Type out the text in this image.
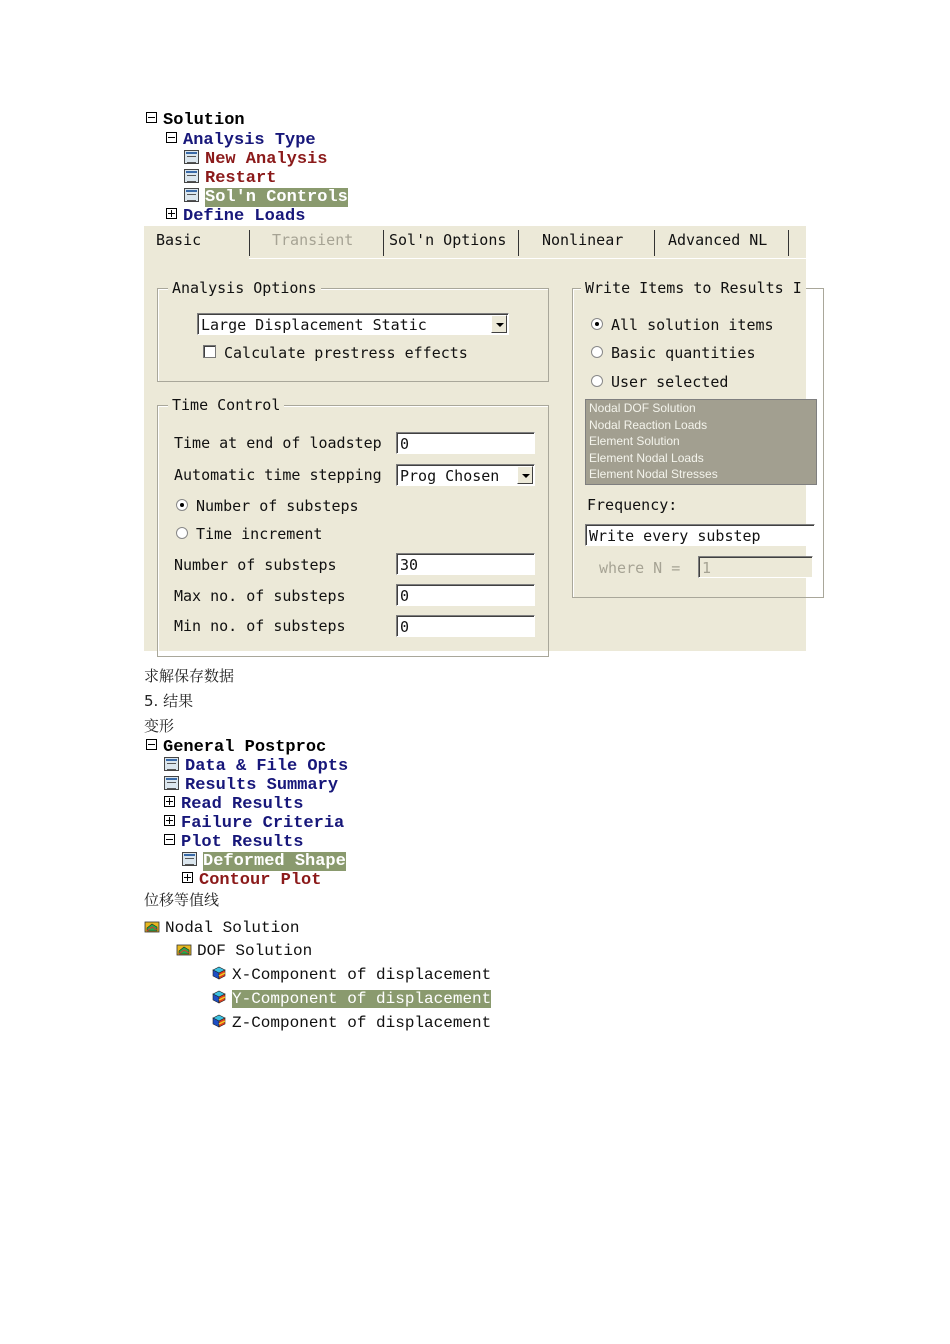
Solution
Analysis Type
New Analysis
Restart
Sol'n Controls
Define Loads
Basic	Transient Sol'n Options Nonlinear	Advanced NL
Analysis Options
Large Displacement Static
Calculate prestress effects
Time Control
Time at end of loadstep 0
Automatic time stepping Prog Chosen
Number of substeps
Time increment
Number of substeps	30
Max no. of substeps	0
Min no. of substeps	0
Write Items to Results I
All solution items
Basic quantities
User selected
Nodal DOF Solution
Nodal Reaction Loads
Element Solution
Element Nodal Loads
Element Nodal Stresses
Frequency:
Write every substep
where N = 1
求解保存数据
5. 结果
变形
General Postproc
Data & File Opts
Results Summary
Read Results
Failure Criteria
Plot Results
Deformed Shape
Contour Plot
位移等值线
Nodal Solution
DOF Solution
X-Component of displacement
Y-Component of displacement
Z-Component of displacement
